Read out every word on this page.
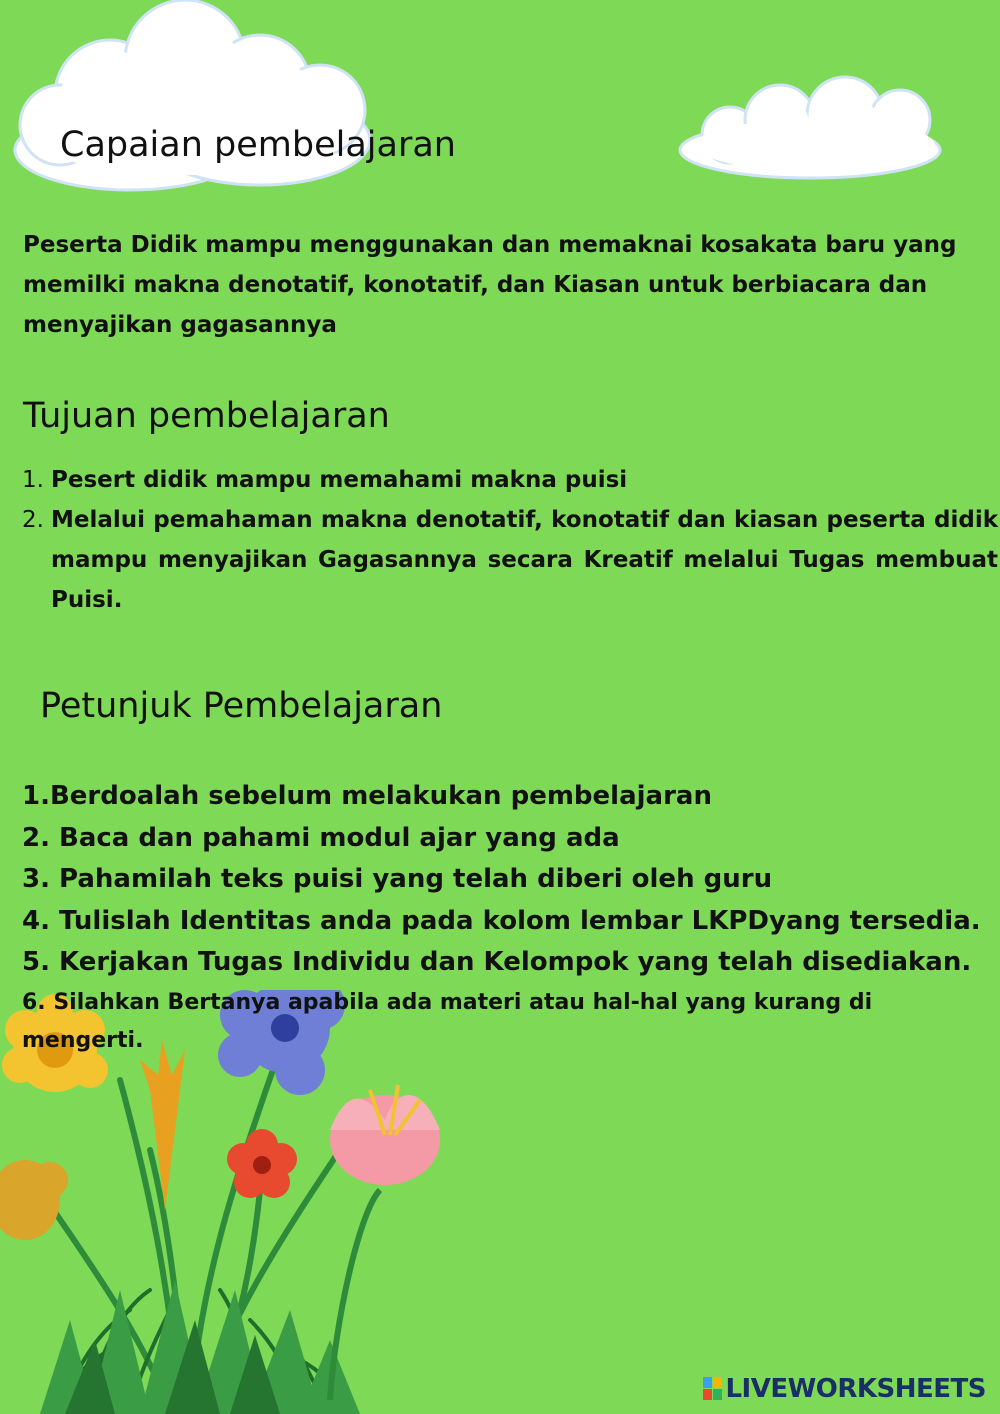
Capaian pembelajaran

Peserta Didik mampu menggunakan dan memaknai kosakata baru yang memilki makna denotatif, konotatif, dan Kiasan untuk berbiacara dan menyajikan gagasannya

Tujuan pembelajaran
1. Pesert didik mampu memahami makna puisi
2. Melalui pemahaman makna denotatif, konotatif dan kiasan peserta didik mampu menyajikan Gagasannya secara Kreatif melalui Tugas membuat Puisi.
Petunjuk Pembelajaran
1.Berdoalah sebelum melakukan pembelajaran
2. Baca dan pahami modul ajar yang ada
3. Pahamilah teks puisi yang telah diberi oleh guru
4. Tulislah Identitas anda pada kolom lembar LKPDyang tersedia.
5. Kerjakan Tugas Individu dan Kelompok yang telah disediakan.
6. Silahkan Bertanya apabila ada materi atau hal-hal yang kurang di mengerti.
LIVEWORKSHEETS
